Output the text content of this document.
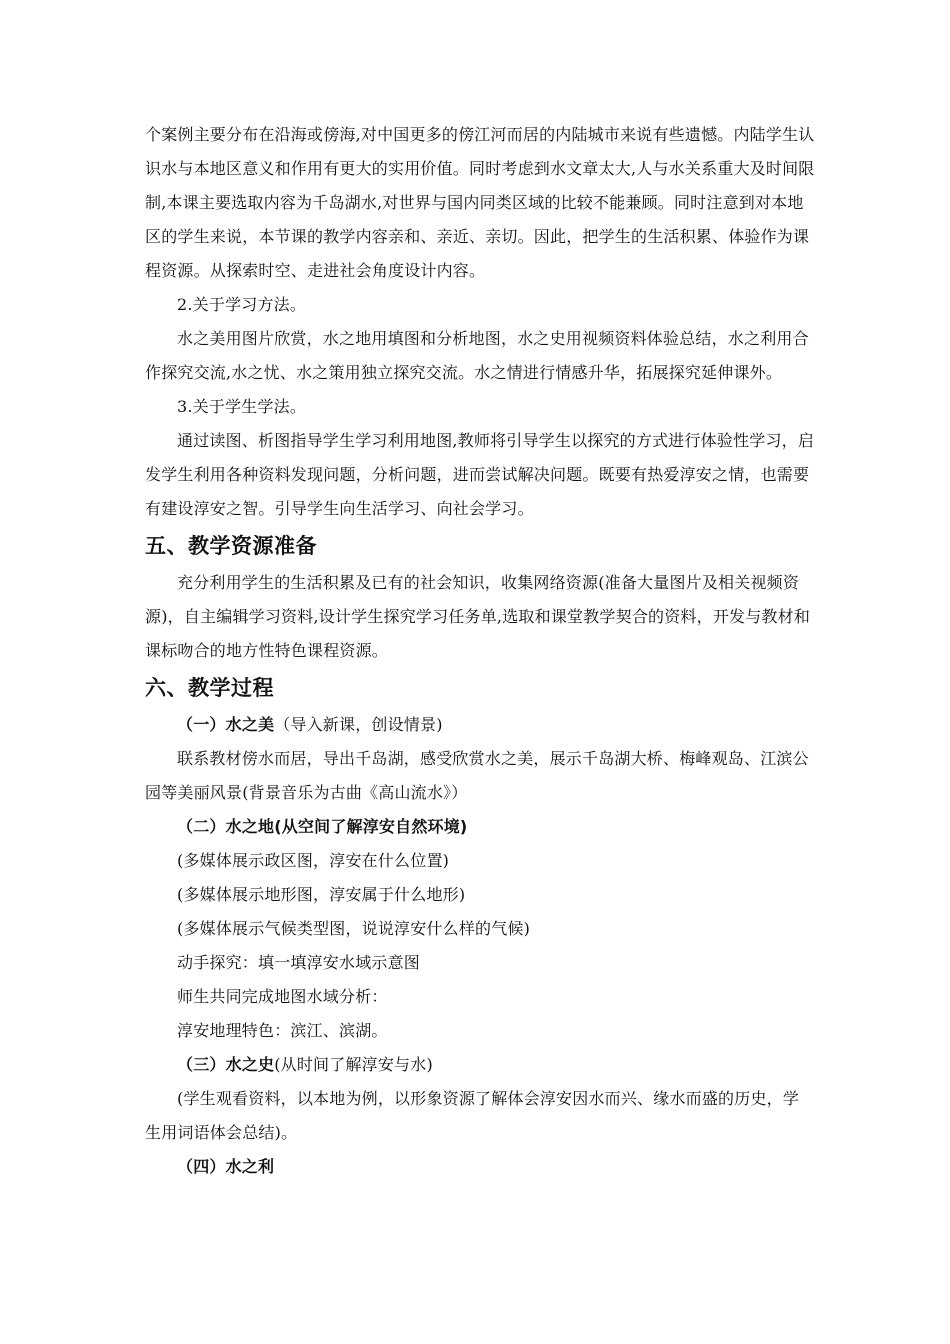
个案例主要分布在沿海或傍海,对中国更多的傍江河而居的内陆城市来说有些遗憾。内陆学生认识水与本地区意义和作用有更大的实用价值。同时考虑到水文章太大,人与水关系重大及时间限制,本课主要选取内容为千岛湖水,对世界与国内同类区域的比较不能兼顾。同时注意到对本地区的学生来说，本节课的教学内容亲和、亲近、亲切。因此，把学生的生活积累、体验作为课程资源。从探索时空、走进社会角度设计内容。

2.关于学习方法。

水之美用图片欣赏，水之地用填图和分析地图，水之史用视频资料体验总结，水之利用合作探究交流,水之忧、水之策用独立探究交流。水之情进行情感升华，拓展探究延伸课外。

3.关于学生学法。

通过读图、析图指导学生学习利用地图,教师将引导学生以探究的方式进行体验性学习，启发学生利用各种资料发现问题，分析问题，进而尝试解决问题。既要有热爱淳安之情，也需要有建设淳安之智。引导学生向生活学习、向社会学习。

五、教学资源准备

充分利用学生的生活积累及已有的社会知识，收集网络资源(准备大量图片及相关视频资源)，自主编辑学习资料,设计学生探究学习任务单,选取和课堂教学契合的资料，开发与教材和课标吻合的地方性特色课程资源。

六、教学过程

（一）水之美（导入新课，创设情景)

联系教材傍水而居，导出千岛湖，感受欣赏水之美，展示千岛湖大桥、梅峰观岛、江滨公园等美丽风景(背景音乐为古曲《高山流水》）

（二）水之地(从空间了解淳安自然环境)

(多媒体展示政区图，淳安在什么位置)

(多媒体展示地形图，淳安属于什么地形)

(多媒体展示气候类型图，说说淳安什么样的气候)

动手探究：填一填淳安水域示意图

师生共同完成地图水域分析：

淳安地理特色：滨江、滨湖。

（三）水之史(从时间了解淳安与水)

(学生观看资料，以本地为例，以形象资源了解体会淳安因水而兴、缘水而盛的历史，学生用词语体会总结)。

（四）水之利
